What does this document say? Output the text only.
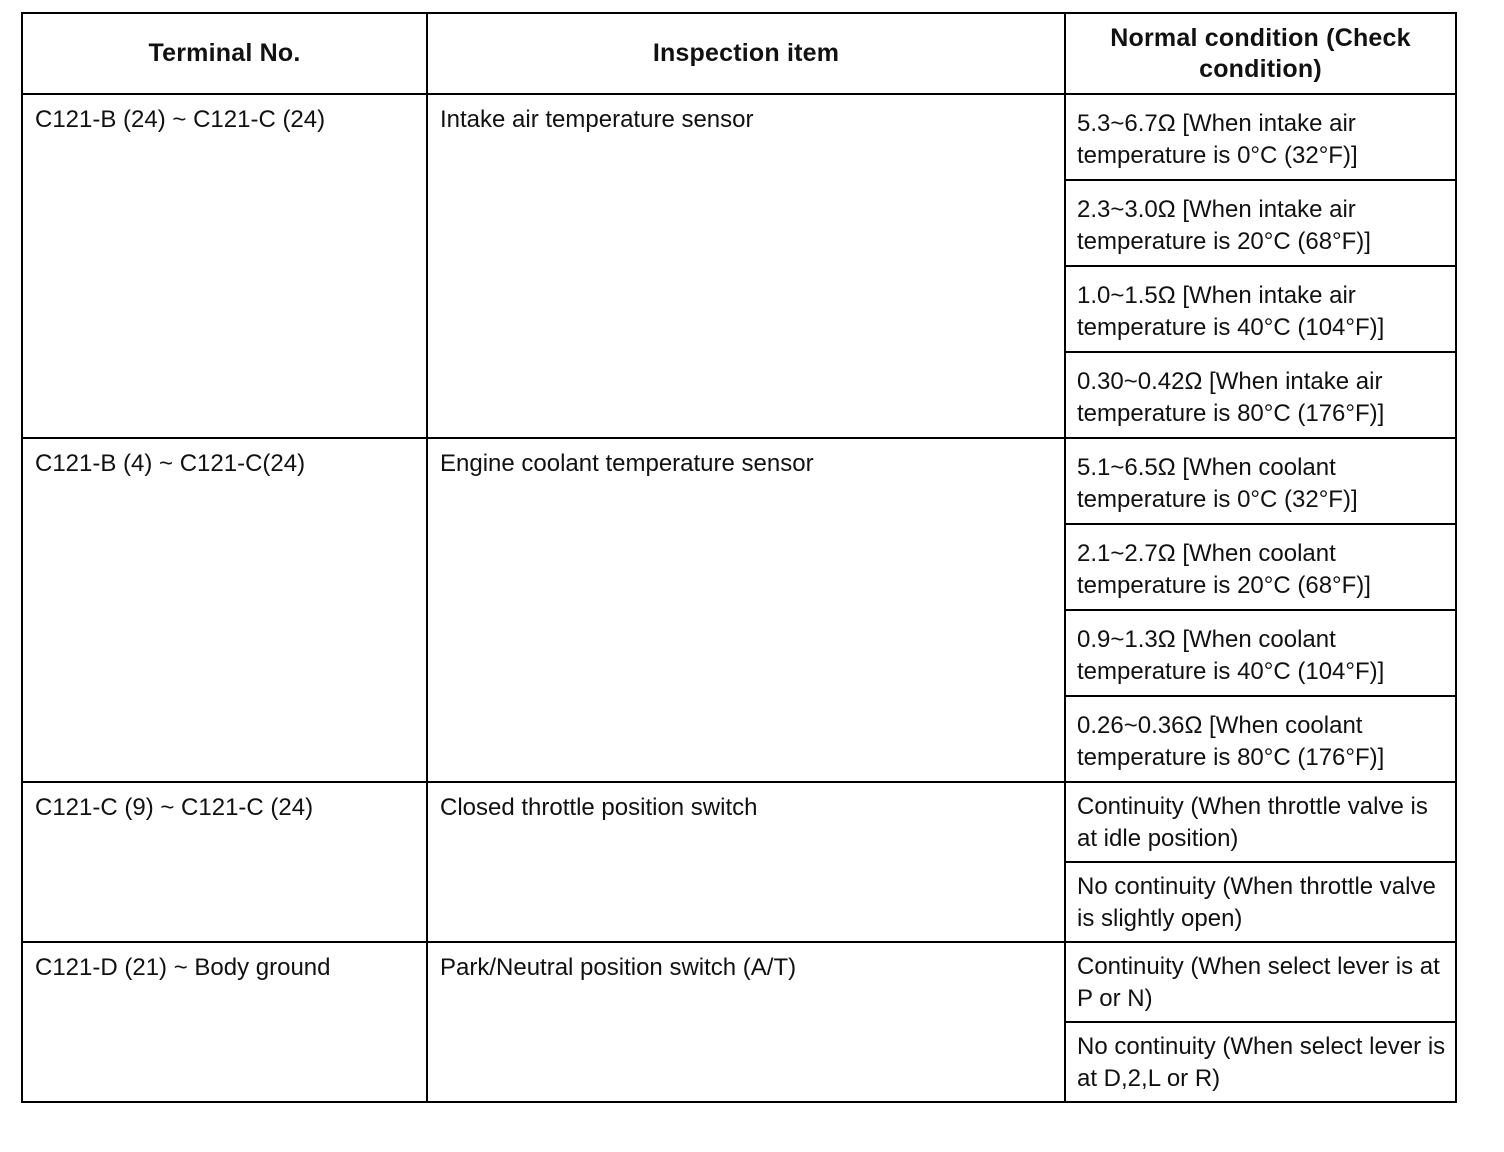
Terminal No.	Inspection item	Normal condition (Check condition)
C121-B (24) ~ C121-C (24)	Intake air temperature sensor	5.3~6.7Ω [When intake air temperature is 0°C (32°F)]
		2.3~3.0Ω [When intake air temperature is 20°C (68°F)]
		1.0~1.5Ω [When intake air temperature is 40°C (104°F)]
		0.30~0.42Ω [When intake air temperature is 80°C (176°F)]
C121-B (4) ~ C121-C(24)	Engine coolant temperature sensor	5.1~6.5Ω [When coolant temperature is 0°C (32°F)]
		2.1~2.7Ω [When coolant temperature is 20°C (68°F)]
		0.9~1.3Ω [When coolant temperature is 40°C (104°F)]
		0.26~0.36Ω [When coolant temperature is 80°C (176°F)]
C121-C (9) ~ C121-C (24)	Closed throttle position switch	Continuity (When throttle valve is at idle position)
		No continuity (When throttle valve is slightly open)
C121-D (21) ~ Body ground	Park/Neutral position switch (A/T)	Continuity (When select lever is at P or N)
		No continuity (When select lever is at D,2,L or R)
